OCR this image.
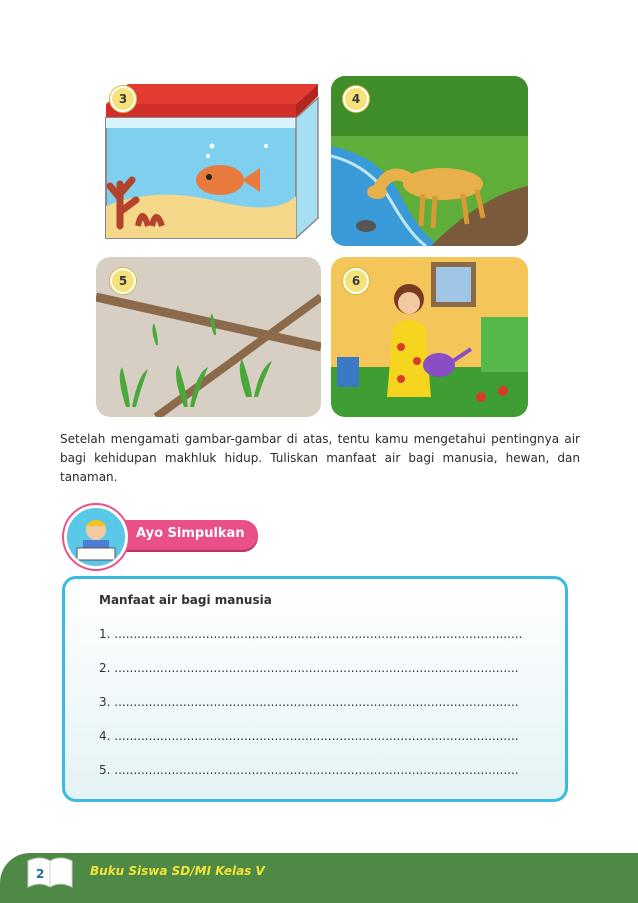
3	4
5	6
Setelah mengamati gambar-gambar di atas, tentu kamu mengetahui pentingnya air bagi kehidupan makhluk hidup. Tuliskan manfaat air bagi manusia, hewan, dan tanaman.
Ayo Simpulkan
Manfaat air bagi manusia
1. ...........................................................................................................
2. ..........................................................................................................
3. ..........................................................................................................
4. ..........................................................................................................
5. ..........................................................................................................
2	Buku Siswa SD/MI Kelas V
